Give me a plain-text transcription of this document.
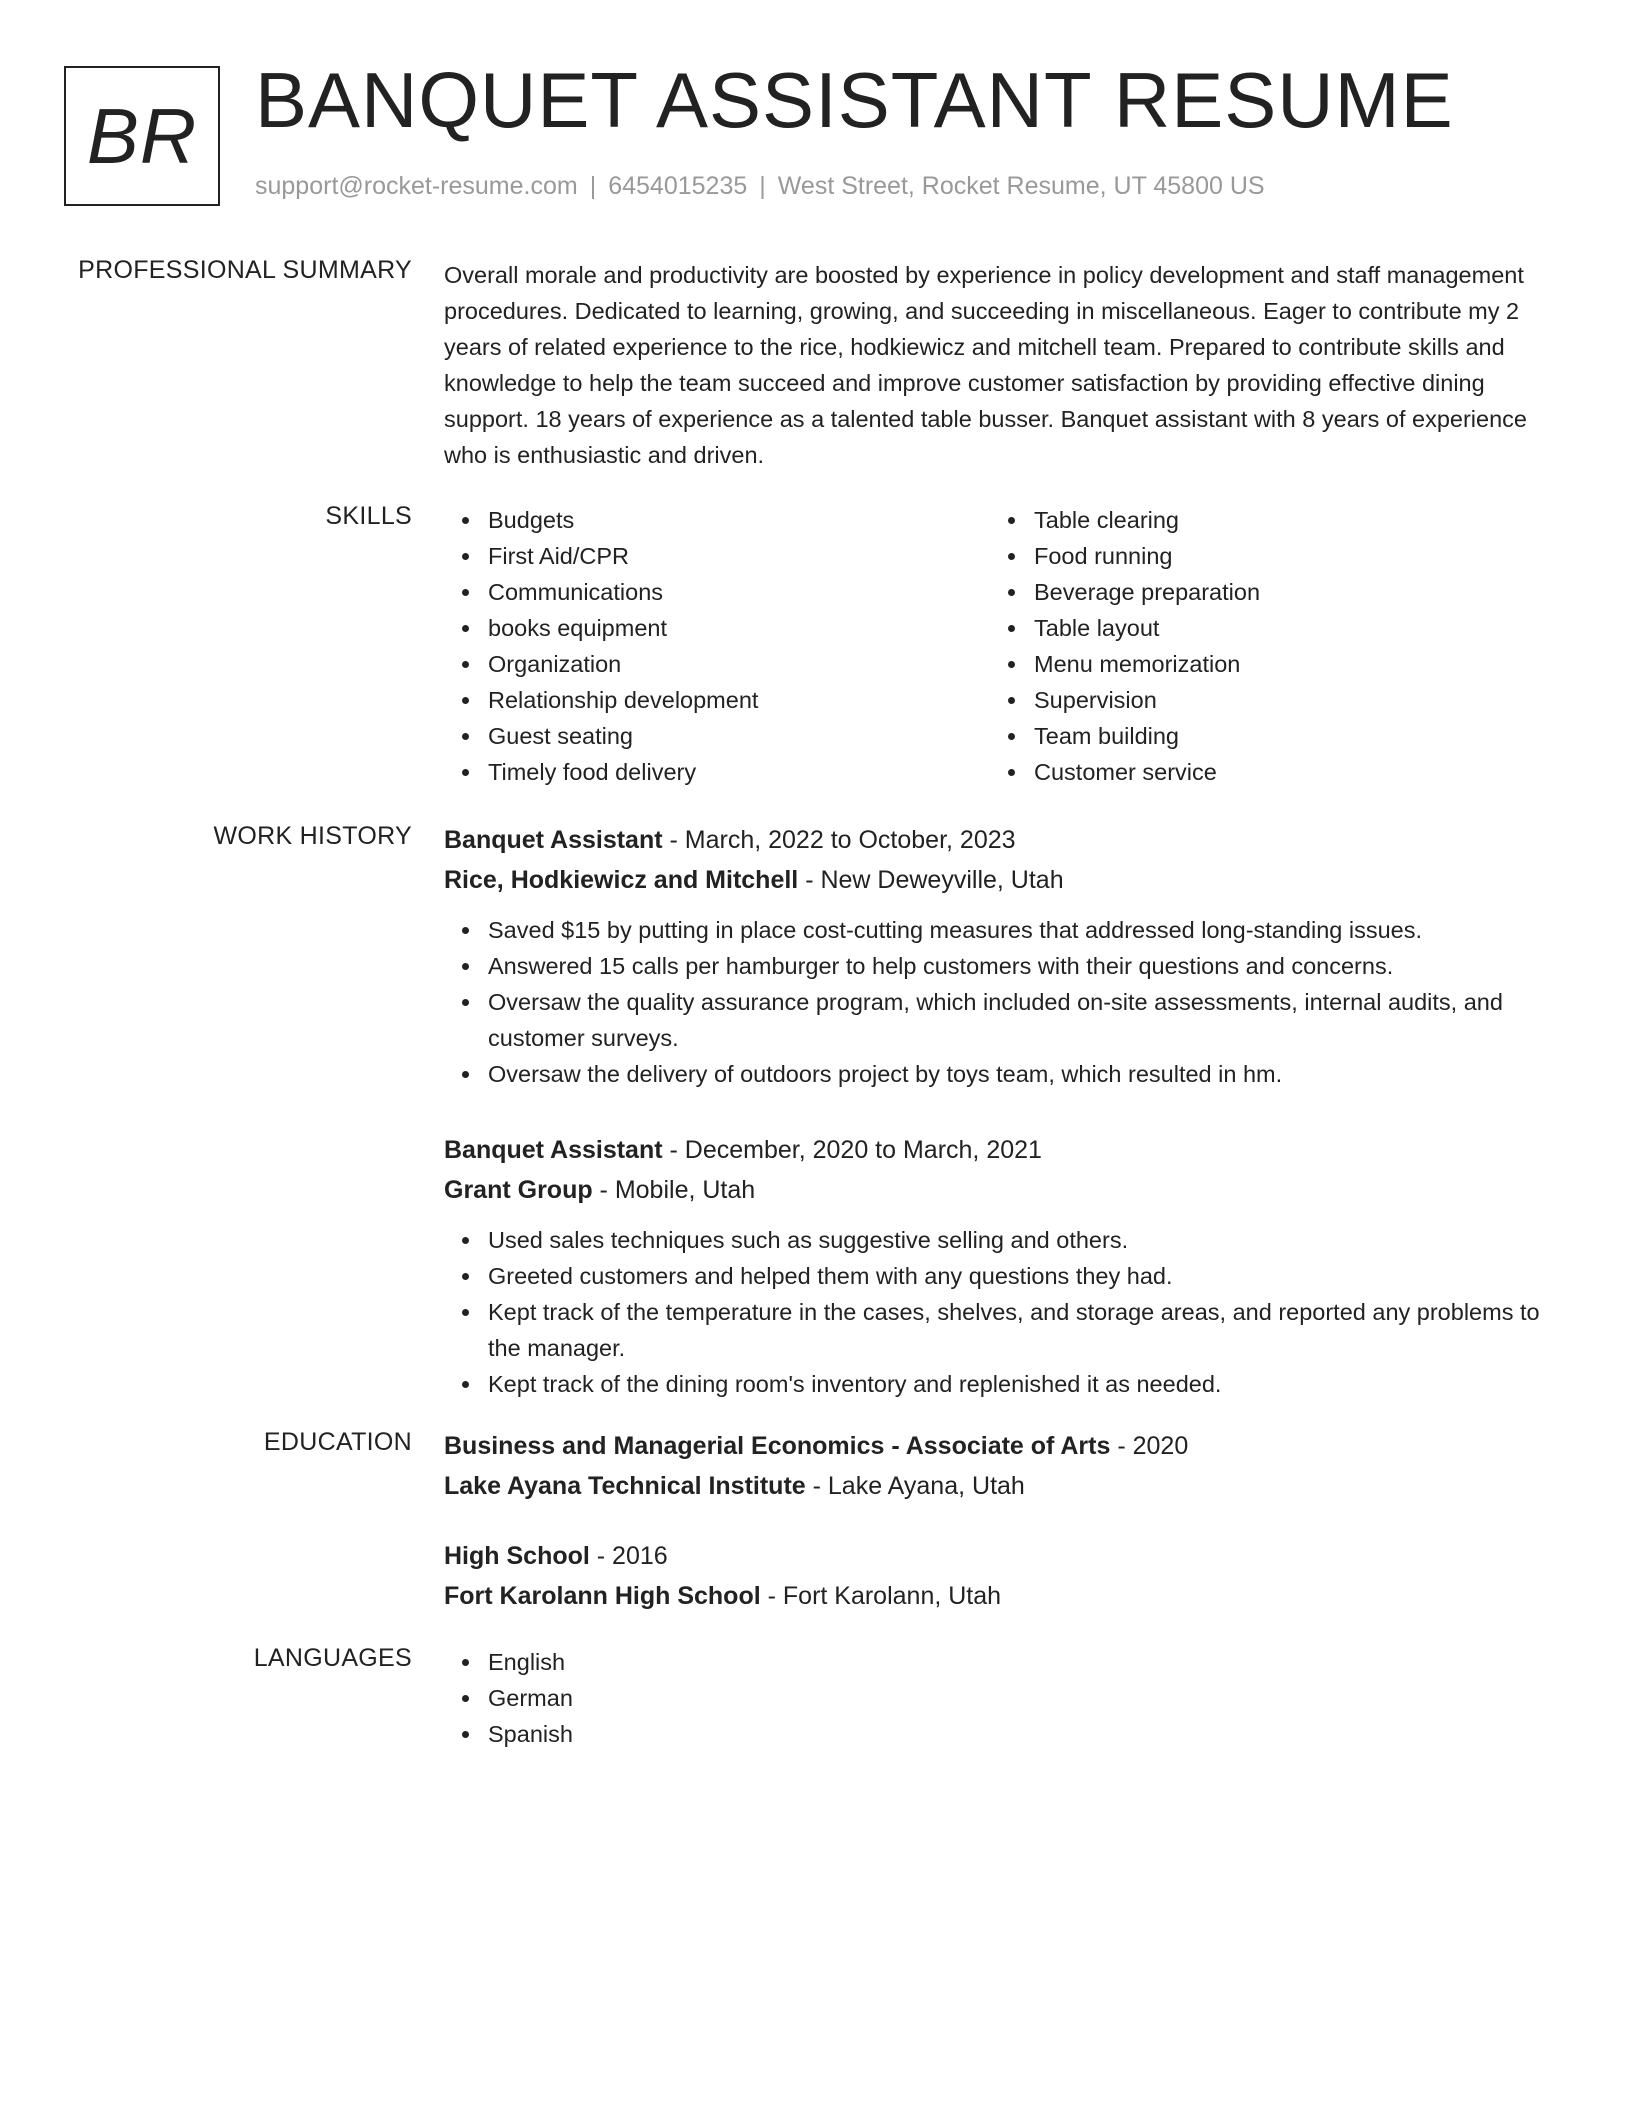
BR BANQUET ASSISTANT RESUME
support@rocket-resume.com | 6454015235 | West Street, Rocket Resume, UT 45800 US
PROFESSIONAL SUMMARY Overall morale and productivity are boosted by experience in policy development and staff management procedures. Dedicated to learning, growing, and succeeding in miscellaneous. Eager to contribute my 2 years of related experience to the rice, hodkiewicz and mitchell team. Prepared to contribute skills and knowledge to help the team succeed and improve customer satisfaction by providing effective dining support. 18 years of experience as a talented table busser. Banquet assistant with 8 years of experience who is enthusiastic and driven.

SKILLS	Budgets
First Aid/CPR
Communications
books equipment
Organization
Relationship development
Guest seating
Timely food delivery
Table clearing
Food running
Beverage preparation
Table layout
Menu memorization
Supervision
Team building
Customer service
WORK HISTORY Banquet Assistant - March, 2022 to October, 2023
Rice, Hodkiewicz and Mitchell - New Deweyville, Utah
Saved $15 by putting in place cost-cutting measures that addressed long-standing issues.
Answered 15 calls per hamburger to help customers with their questions and concerns.
Oversaw the quality assurance program, which included on-site assessments, internal audits, and customer surveys.
Oversaw the delivery of outdoors project by toys team, which resulted in hm.
Banquet Assistant - December, 2020 to March, 2021
Grant Group - Mobile, Utah
Used sales techniques such as suggestive selling and others.
Greeted customers and helped them with any questions they had.
Kept track of the temperature in the cases, shelves, and storage areas, and reported any problems to the manager.
Kept track of the dining room's inventory and replenished it as needed.
EDUCATION Business and Managerial Economics - Associate of Arts - 2020
Lake Ayana Technical Institute - Lake Ayana, Utah
High School - 2016
Fort Karolann High School - Fort Karolann, Utah
LANGUAGES	English
German
Spanish
